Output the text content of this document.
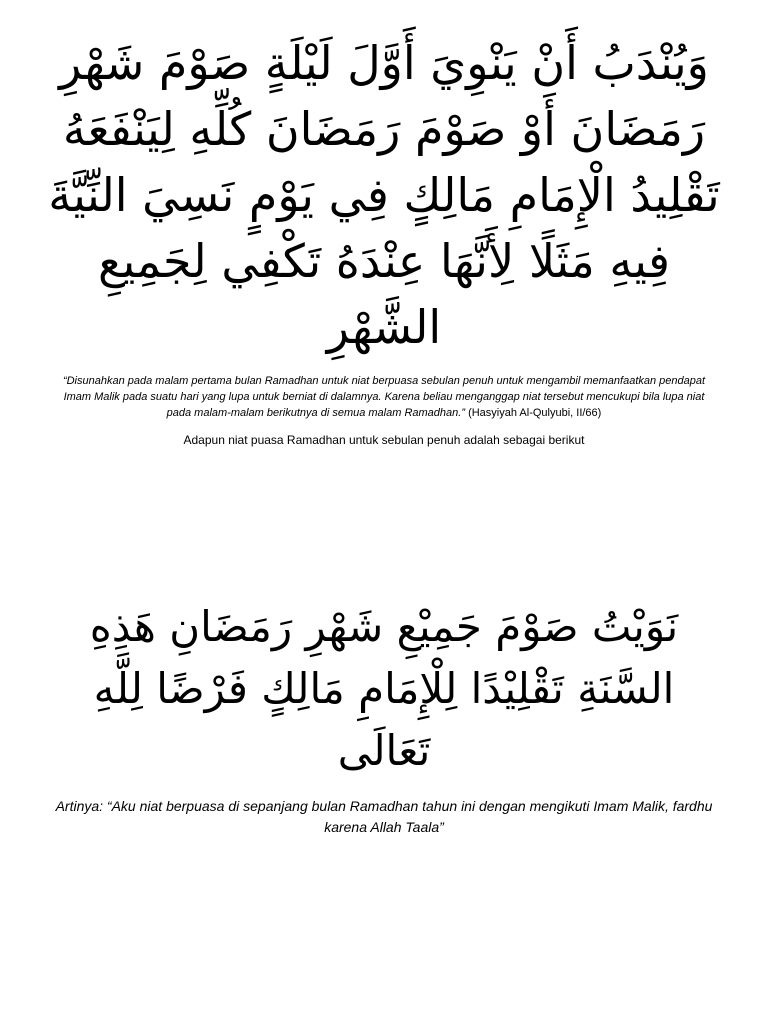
وَيُنْدَبُ أَنْ يَنْوِيَ أَوَّلَ لَيْلَةٍ صَوْمَ شَهْرِ رَمَضَانَ أَوْ صَوْمَ رَمَضَانَ كُلِّهِ لِيَنْفَعَهُ تَقْلِيدُ الْإِمَامِ مَالِكٍ فِي يَوْمٍ نَسِيَ النِّيَّةَ فِيهِ مَثَلًا لِأَنَّهَا عِنْدَهُ تَكْفِي لِجَمِيعِ الشَّهْرِ

“Disunahkan pada malam pertama bulan Ramadhan untuk niat berpuasa sebulan penuh untuk mengambil memanfaatkan pendapat Imam Malik pada suatu hari yang lupa untuk berniat di dalamnya. Karena beliau menganggap niat tersebut mencukupi bila lupa niat pada malam-malam berikutnya di semua malam Ramadhan.” (Hasyiyah Al-Qulyubi, II/66)

Adapun niat puasa Ramadhan untuk sebulan penuh adalah sebagai berikut

نَوَيْتُ صَوْمَ جَمِيْعِ شَهْرِ رَمَضَانِ هَذِهِ السَّنَةِ تَقْلِيْدًا لِلْإِمَامِ مَالِكٍ فَرْضًا لِلَّهِ تَعَالَى

Artinya: “Aku niat berpuasa di sepanjang bulan Ramadhan tahun ini dengan mengikuti Imam Malik, fardhu karena Allah Taala”
